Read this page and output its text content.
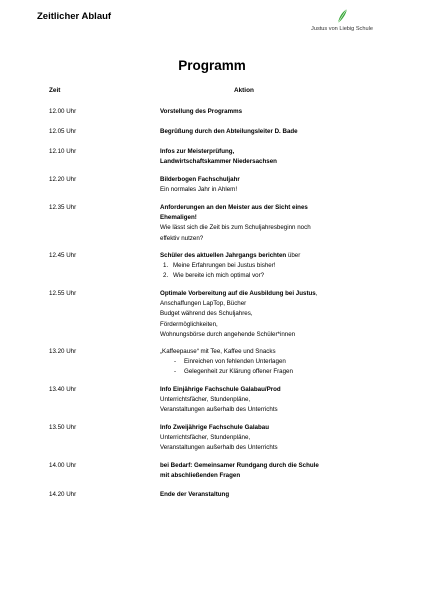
Zeitlicher Ablauf
Justus von Liebig Schule
Programm
Zeit	Aktion
12.00 Uhr	Vorstellung des Programms
12.05 Uhr	Begrüßung durch den Abteilungsleiter D. Bade
12.10 Uhr	Infos zur Meisterprüfung,
Landwirtschaftskammer Niedersachsen
12.20 Uhr	Bilderbogen Fachschuljahr
Ein normales Jahr in Ahlem!
12.35 Uhr	Anforderungen an den Meister aus der Sicht eines
Ehemaligen!
Wie lässt sich die Zeit bis zum Schuljahresbeginn noch
effektiv nutzen?
12.45 Uhr	Schüler des aktuellen Jahrgangs berichten über
1. Meine Erfahrungen bei Justus bisher!
2. Wie bereite ich mich optimal vor?
12.55 Uhr	Optimale Vorbereitung auf die Ausbildung bei Justus,
Anschaffungen LapTop, Bücher
Budget während des Schuljahres,
Fördermöglichkeiten,
Wohnungsbörse durch angehende Schüler*innen
13.20 Uhr	„Kaffeepause“ mit Tee, Kaffee und Snacks
- Einreichen von fehlenden Unterlagen
- Gelegenheit zur Klärung offener Fragen
13.40 Uhr	Info Einjährige Fachschule Galabau/Prod
Unterrichtsfächer, Stundenpläne,
Veranstaltungen außerhalb des Unterrichts
13.50 Uhr	Info Zweijährige Fachschule Galabau
Unterrichtsfächer, Stundenpläne,
Veranstaltungen außerhalb des Unterrichts
14.00 Uhr	bei Bedarf: Gemeinsamer Rundgang durch die Schule
mit abschließenden Fragen
14.20 Uhr	Ende der Veranstaltung
